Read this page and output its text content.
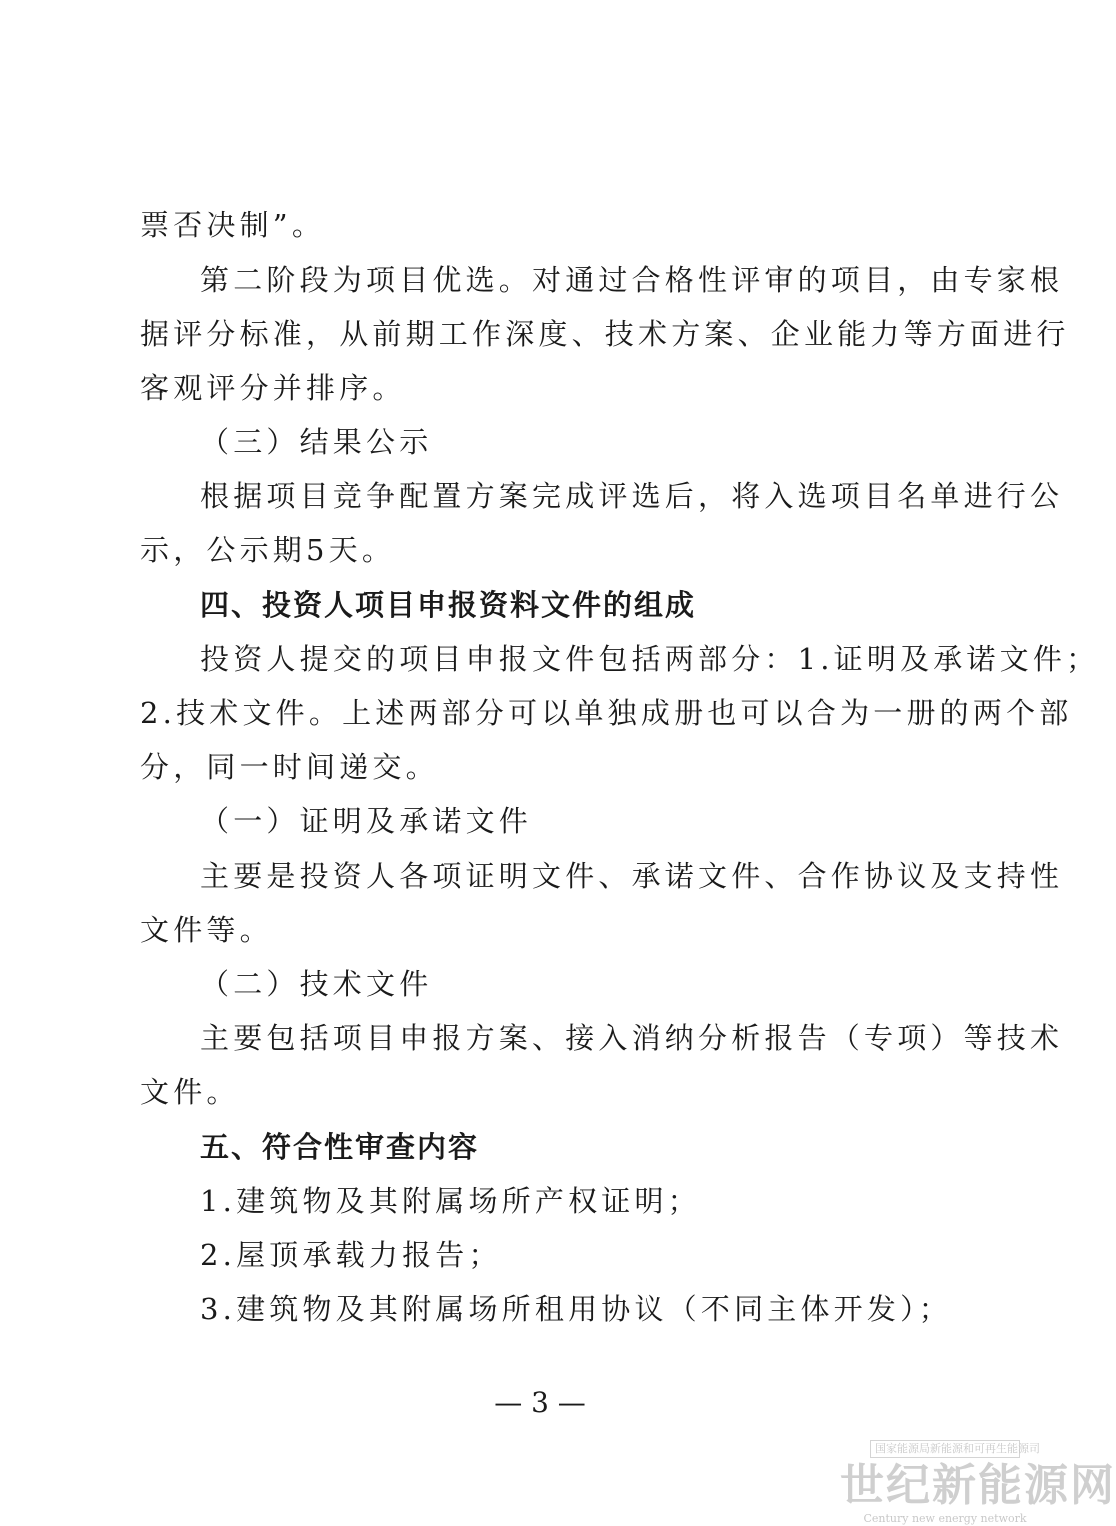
票否决制”。
第二阶段为项目优选。对通过合格性评审的项目，由专家根
据评分标准，从前期工作深度、技术方案、企业能力等方面进行
客观评分并排序。
（三）结果公示
根据项目竞争配置方案完成评选后，将入选项目名单进行公
示，公示期5天。
四、投资人项目申报资料文件的组成
投资人提交的项目申报文件包括两部分：1.证明及承诺文件；
2.技术文件。上述两部分可以单独成册也可以合为一册的两个部
分，同一时间递交。
（一）证明及承诺文件
主要是投资人各项证明文件、承诺文件、合作协议及支持性
文件等。
（二）技术文件
主要包括项目申报方案、接入消纳分析报告（专项）等技术
文件。
五、符合性审查内容
1.建筑物及其附属场所产权证明；
2.屋顶承载力报告；
3.建筑物及其附属场所租用协议（不同主体开发）；
— 3 —
国家能源局新能源和可再生能源司
世纪新能源网
Century new energy network
